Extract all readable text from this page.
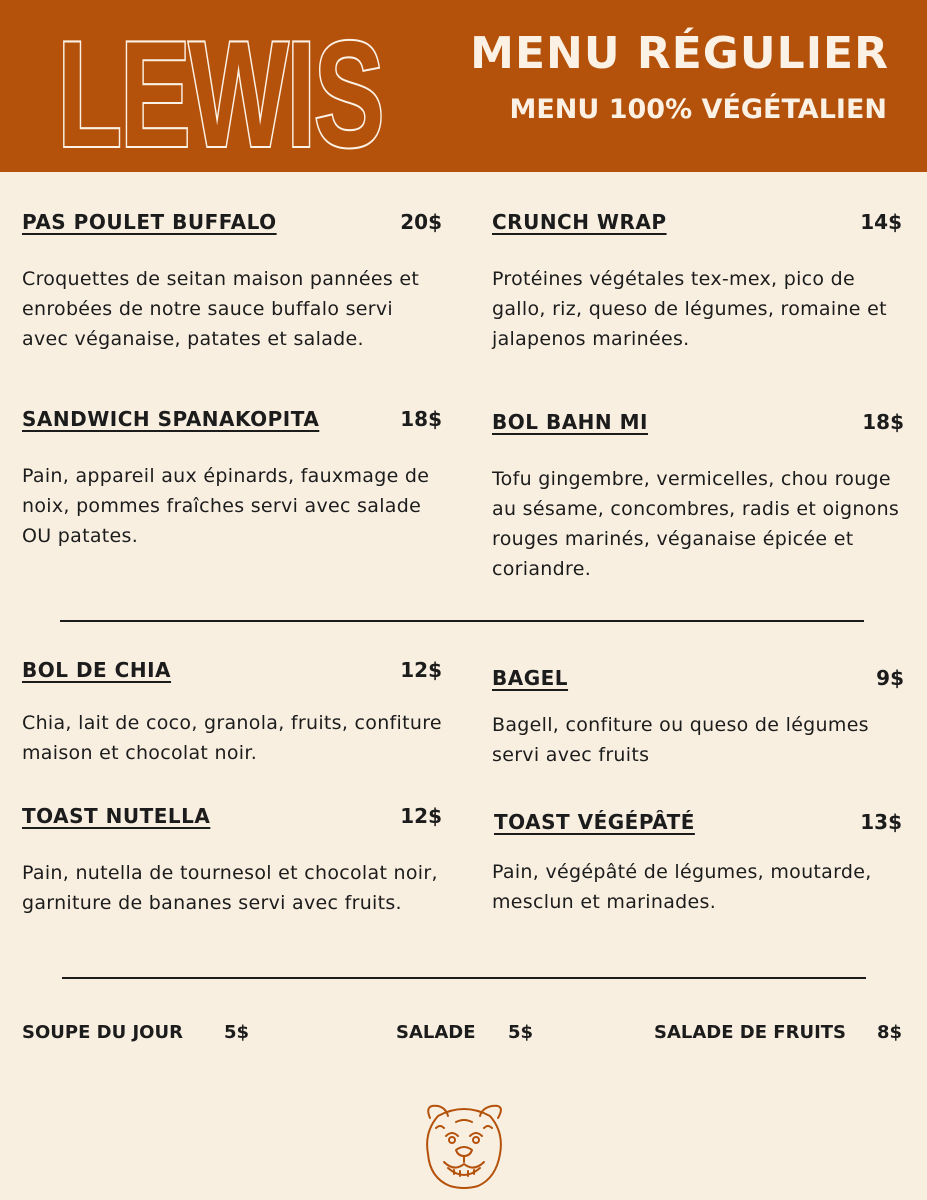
LEWIS MENU RÉGULIER
MENU 100% VÉGÉTALIEN
PAS POULET BUFFALO	20$
Croquettes de seitan maison pannées et enrobées de notre sauce buffalo servi avec véganaise, patates et salade.
CRUNCH WRAP	14$
Protéines végétales tex-mex, pico de gallo, riz, queso de légumes, romaine et jalapenos marinées.
SANDWICH SPANAKOPITA	18$
Pain, appareil aux épinards, fauxmage de noix, pommes fraîches servi avec salade OU patates.
BOL BAHN MI	18$
Tofu gingembre, vermicelles, chou rouge au sésame, concombres, radis et oignons rouges marinés, véganaise épicée et coriandre.
BOL DE CHIA	12$
Chia, lait de coco, granola, fruits, confiture maison et chocolat noir.
BAGEL	9$
Bagell, confiture ou queso de légumes servi avec fruits
TOAST NUTELLA	12$
Pain, nutella de tournesol et chocolat noir, garniture de bananes servi avec fruits.
TOAST VÉGÉPÂTÉ	13$
Pain, végépâté de légumes, moutarde, mesclun et marinades.
SOUPE DU JOUR 5$	SALADE 5$	SALADE DE FRUITS 8$
